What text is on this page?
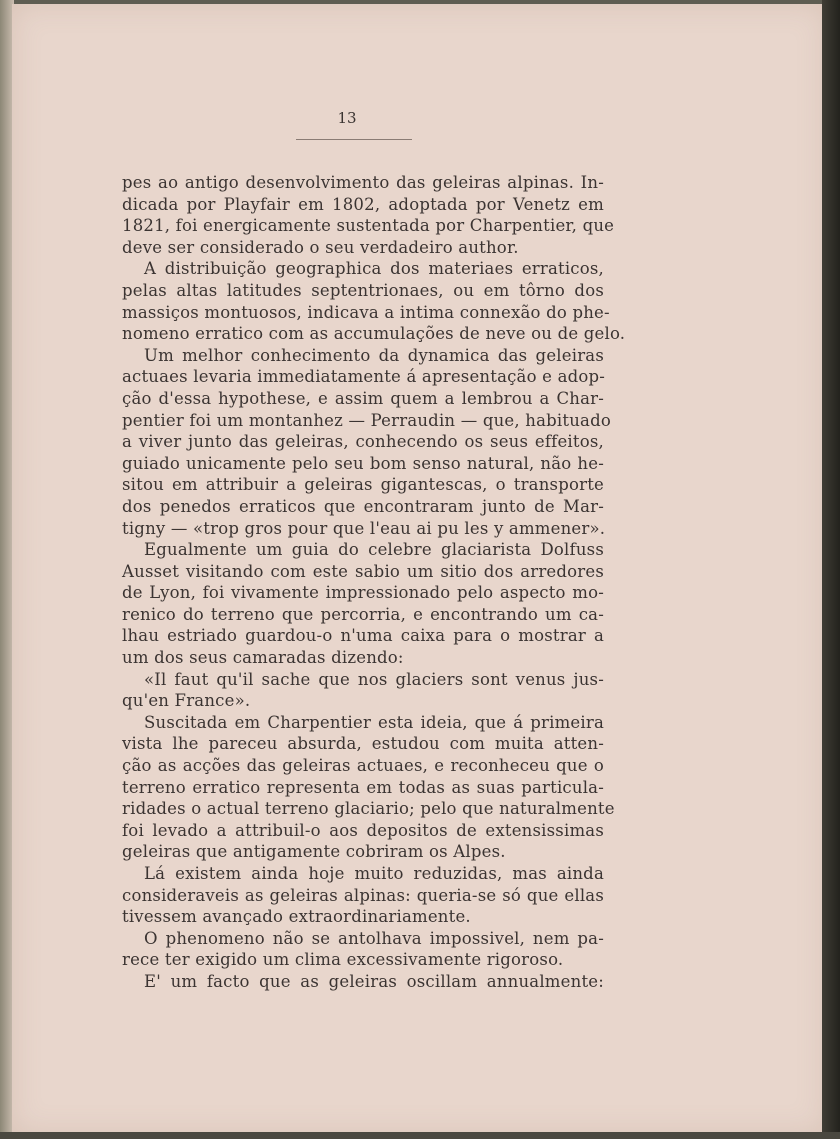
13
pes ao antigo desenvolvimento das geleiras alpinas. In-
dicada por Playfair em 1802, adoptada por Venetz em
1821, foi energicamente sustentada por Charpentier, que
deve ser considerado o seu verdadeiro author.
A distribuição geographica dos materiaes erraticos,
pelas altas latitudes septentrionaes, ou em tôrno dos
massiços montuosos, indicava a intima connexão do phe-
nomeno erratico com as accumulações de neve ou de gelo.
Um melhor conhecimento da dynamica das geleiras
actuaes levaria immediatamente á apresentação e adop-
ção d'essa hypothese, e assim quem a lembrou a Char-
pentier foi um montanhez — Perraudin — que, habituado
a viver junto das geleiras, conhecendo os seus effeitos,
guiado unicamente pelo seu bom senso natural, não he-
sitou em attribuir a geleiras gigantescas, o transporte
dos penedos erraticos que encontraram junto de Mar-
tigny — «trop gros pour que l'eau ai pu les y ammener».
Egualmente um guia do celebre glaciarista Dolfuss
Ausset visitando com este sabio um sitio dos arredores
de Lyon, foi vivamente impressionado pelo aspecto mo-
renico do terreno que percorria, e encontrando um ca-
lhau estriado guardou-o n'uma caixa para o mostrar a
um dos seus camaradas dizendo:
«Il faut qu'il sache que nos glaciers sont venus jus-
qu'en France».
Suscitada em Charpentier esta ideia, que á primeira
vista lhe pareceu absurda, estudou com muita atten-
ção as acções das geleiras actuaes, e reconheceu que o
terreno erratico representa em todas as suas particula-
ridades o actual terreno glaciario; pelo que naturalmente
foi levado a attribuil-o aos depositos de extensissimas
geleiras que antigamente cobriram os Alpes.
Lá existem ainda hoje muito reduzidas, mas ainda
consideraveis as geleiras alpinas: queria-se só que ellas
tivessem avançado extraordinariamente.
O phenomeno não se antolhava impossivel, nem pa-
rece ter exigido um clima excessivamente rigoroso.
E' um facto que as geleiras oscillam annualmente:
